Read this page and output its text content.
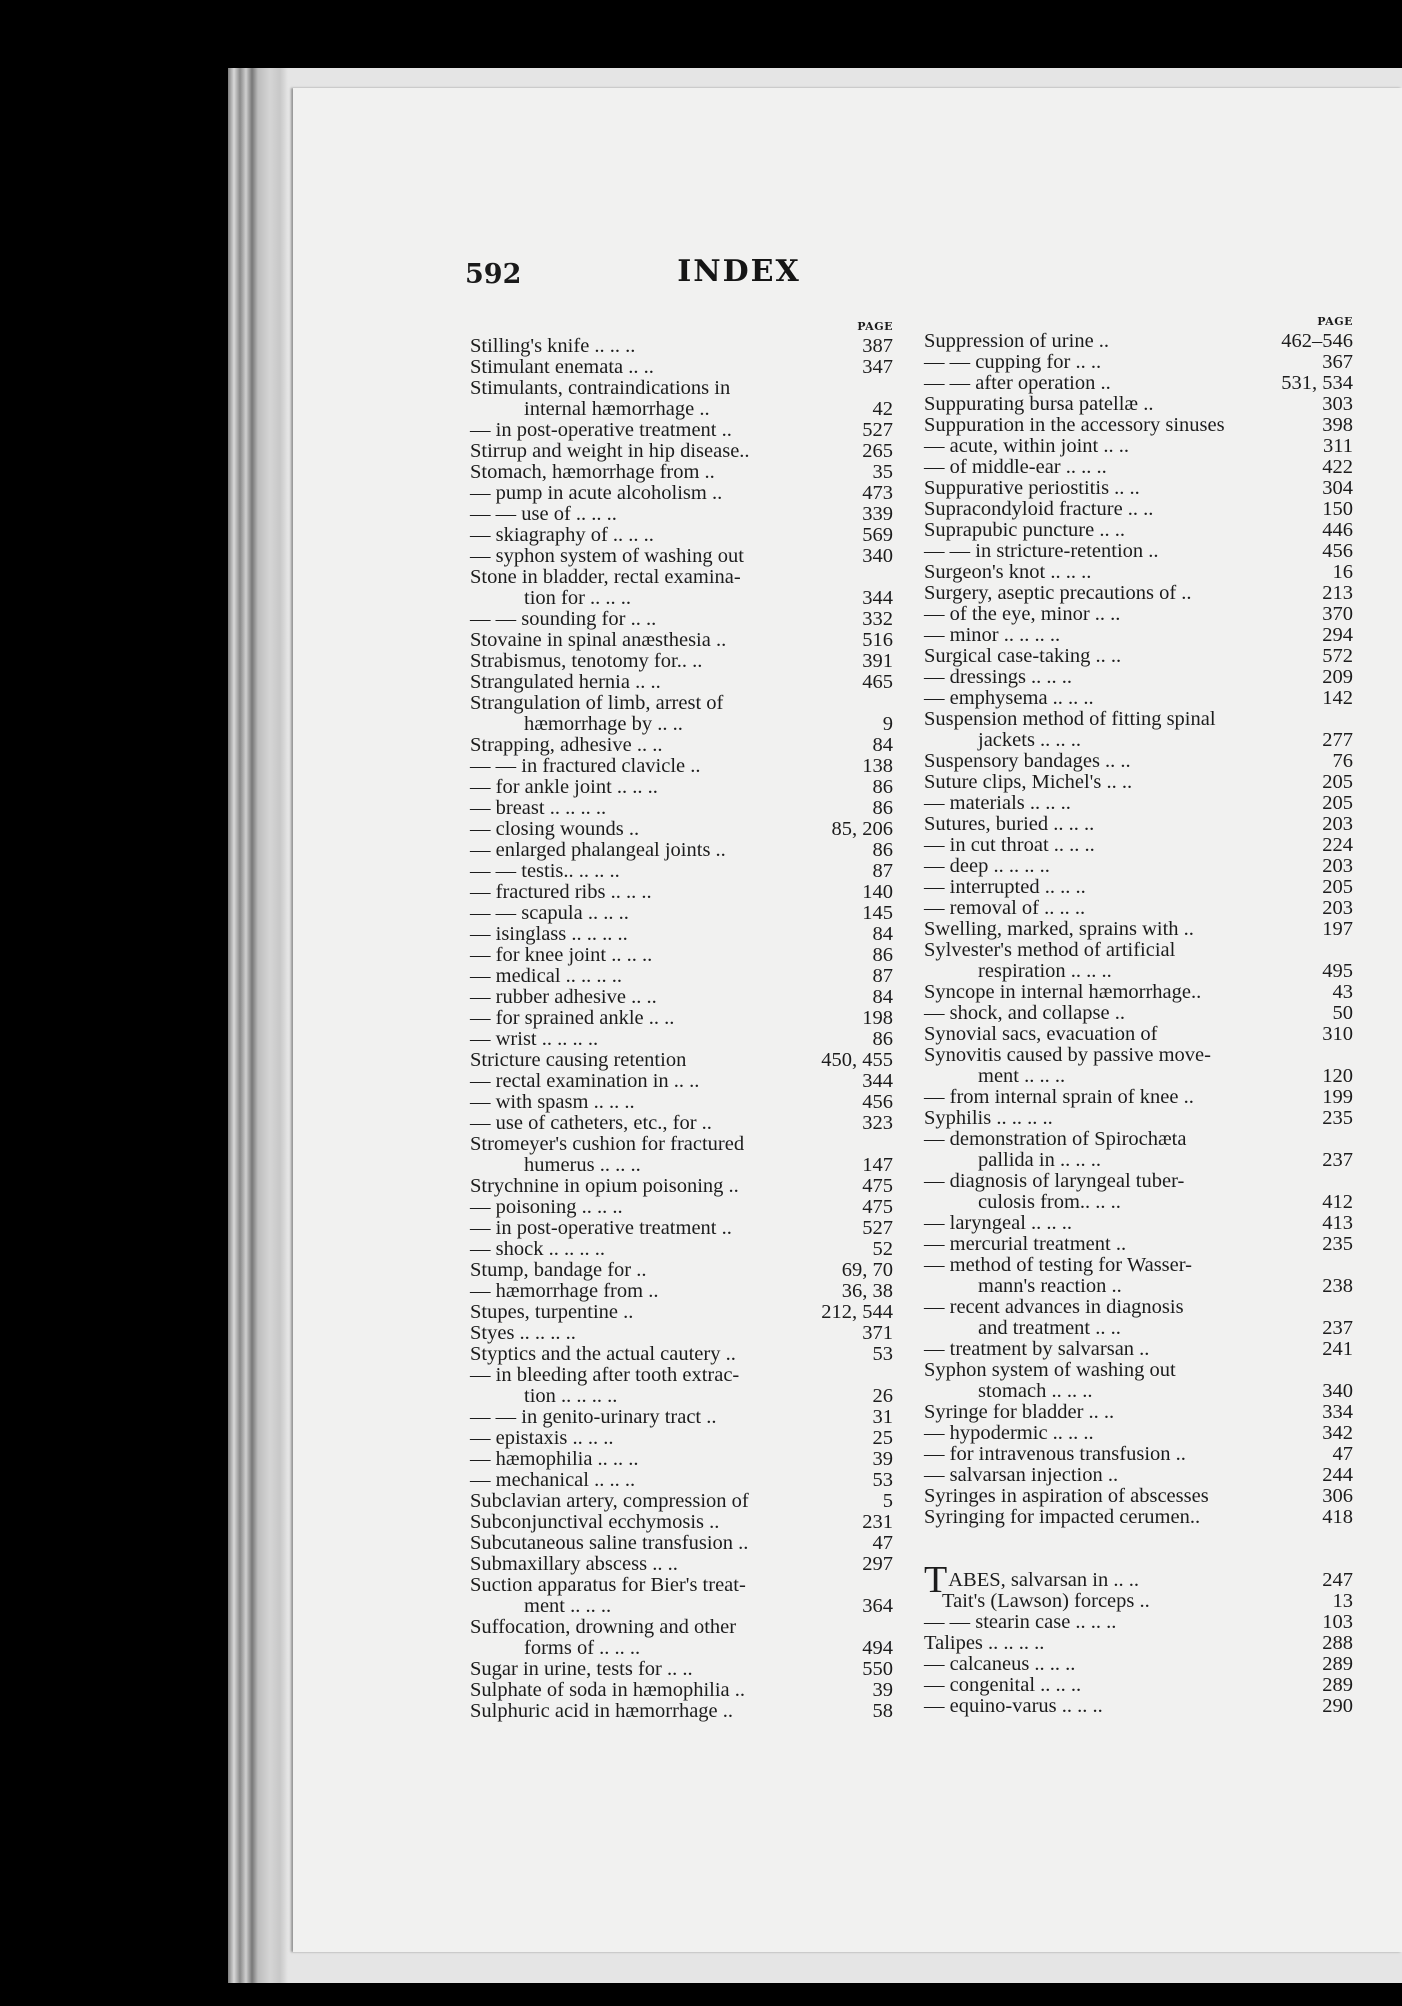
592	INDEX
PAGE
Stilling's knife .. .. ..	387
Stimulant enemata .. ..	347
Stimulants, contraindications in
internal hæmorrhage ..	42
— in post-operative treatment ..	527
Stirrup and weight in hip disease..	265
Stomach, hæmorrhage from ..	35
— pump in acute alcoholism ..	473
— — use of .. .. ..	339
— skiagraphy of .. .. ..	569
— syphon system of washing out	340
Stone in bladder, rectal examina-
tion for .. .. ..	344
— — sounding for .. ..	332
Stovaine in spinal anæsthesia ..	516
Strabismus, tenotomy for.. ..	391
Strangulated hernia .. ..	465
Strangulation of limb, arrest of
hæmorrhage by .. ..	9
Strapping, adhesive .. ..	84
— — in fractured clavicle ..	138
— for ankle joint .. .. ..	86
— breast .. .. .. ..	86
— closing wounds ..	85, 206
— enlarged phalangeal joints ..	86
— — testis.. .. .. ..	87
— fractured ribs .. .. ..	140
— — scapula .. .. ..	145
— isinglass .. .. .. ..	84
— for knee joint .. .. ..	86
— medical .. .. .. ..	87
— rubber adhesive .. ..	84
— for sprained ankle .. ..	198
— wrist .. .. .. ..	86
Stricture causing retention	450, 455
— rectal examination in .. ..	344
— with spasm .. .. ..	456
— use of catheters, etc., for ..	323
Stromeyer's cushion for fractured
humerus .. .. ..	147
Strychnine in opium poisoning ..	475
— poisoning .. .. ..	475
— in post-operative treatment ..	527
— shock .. .. .. ..	52
Stump, bandage for ..	69, 70
— hæmorrhage from ..	36, 38
Stupes, turpentine ..	212, 544
Styes .. .. .. ..	371
Styptics and the actual cautery ..	53
— in bleeding after tooth extrac-
tion .. .. .. ..	26
— — in genito-urinary tract ..	31
— epistaxis .. .. ..	25
— hæmophilia .. .. ..	39
— mechanical .. .. ..	53
Subclavian artery, compression of	5
Subconjunctival ecchymosis ..	231
Subcutaneous saline transfusion ..	47
Submaxillary abscess .. ..	297
Suction apparatus for Bier's treat-
ment .. .. ..	364
Suffocation, drowning and other
forms of .. .. ..	494
Sugar in urine, tests for .. ..	550
Sulphate of soda in hæmophilia ..	39
Sulphuric acid in hæmorrhage ..	58
PAGE
Suppression of urine ..	462–546
— — cupping for .. ..	367
— — after operation ..	531, 534
Suppurating bursa patellæ ..	303
Suppuration in the accessory sinuses	398
— acute, within joint .. ..	311
— of middle-ear .. .. ..	422
Suppurative periostitis .. ..	304
Supracondyloid fracture .. ..	150
Suprapubic puncture .. ..	446
— — in stricture-retention ..	456
Surgeon's knot .. .. ..	16
Surgery, aseptic precautions of ..	213
— of the eye, minor .. ..	370
— minor .. .. .. ..	294
Surgical case-taking .. ..	572
— dressings .. .. ..	209
— emphysema .. .. ..	142
Suspension method of fitting spinal
jackets .. .. ..	277
Suspensory bandages .. ..	76
Suture clips, Michel's .. ..	205
— materials .. .. ..	205
Sutures, buried .. .. ..	203
— in cut throat .. .. ..	224
— deep .. .. .. ..	203
— interrupted .. .. ..	205
— removal of .. .. ..	203
Swelling, marked, sprains with ..	197
Sylvester's method of artificial
respiration .. .. ..	495
Syncope in internal hæmorrhage..	43
— shock, and collapse ..	50
Synovial sacs, evacuation of	310
Synovitis caused by passive move-
ment .. .. ..	120
— from internal sprain of knee ..	199
Syphilis .. .. .. ..	235
— demonstration of Spirochæta
pallida in .. .. ..	237
— diagnosis of laryngeal tuber-
culosis from.. .. ..	412
— laryngeal .. .. ..	413
— mercurial treatment ..	235
— method of testing for Wasser-
mann's reaction ..	238
— recent advances in diagnosis
and treatment .. ..	237
— treatment by salvarsan ..	241
Syphon system of washing out
stomach .. .. ..	340
Syringe for bladder .. ..	334
— hypodermic .. .. ..	342
— for intravenous transfusion ..	47
— salvarsan injection ..	244
Syringes in aspiration of abscesses	306
Syringing for impacted cerumen..	418
TABES, salvarsan in .. ..	247
Tait's (Lawson) forceps ..	13
— — stearin case .. .. ..	103
Talipes .. .. .. ..	288
— calcaneus .. .. ..	289
— congenital .. .. ..	289
— equino-varus .. .. ..	290
